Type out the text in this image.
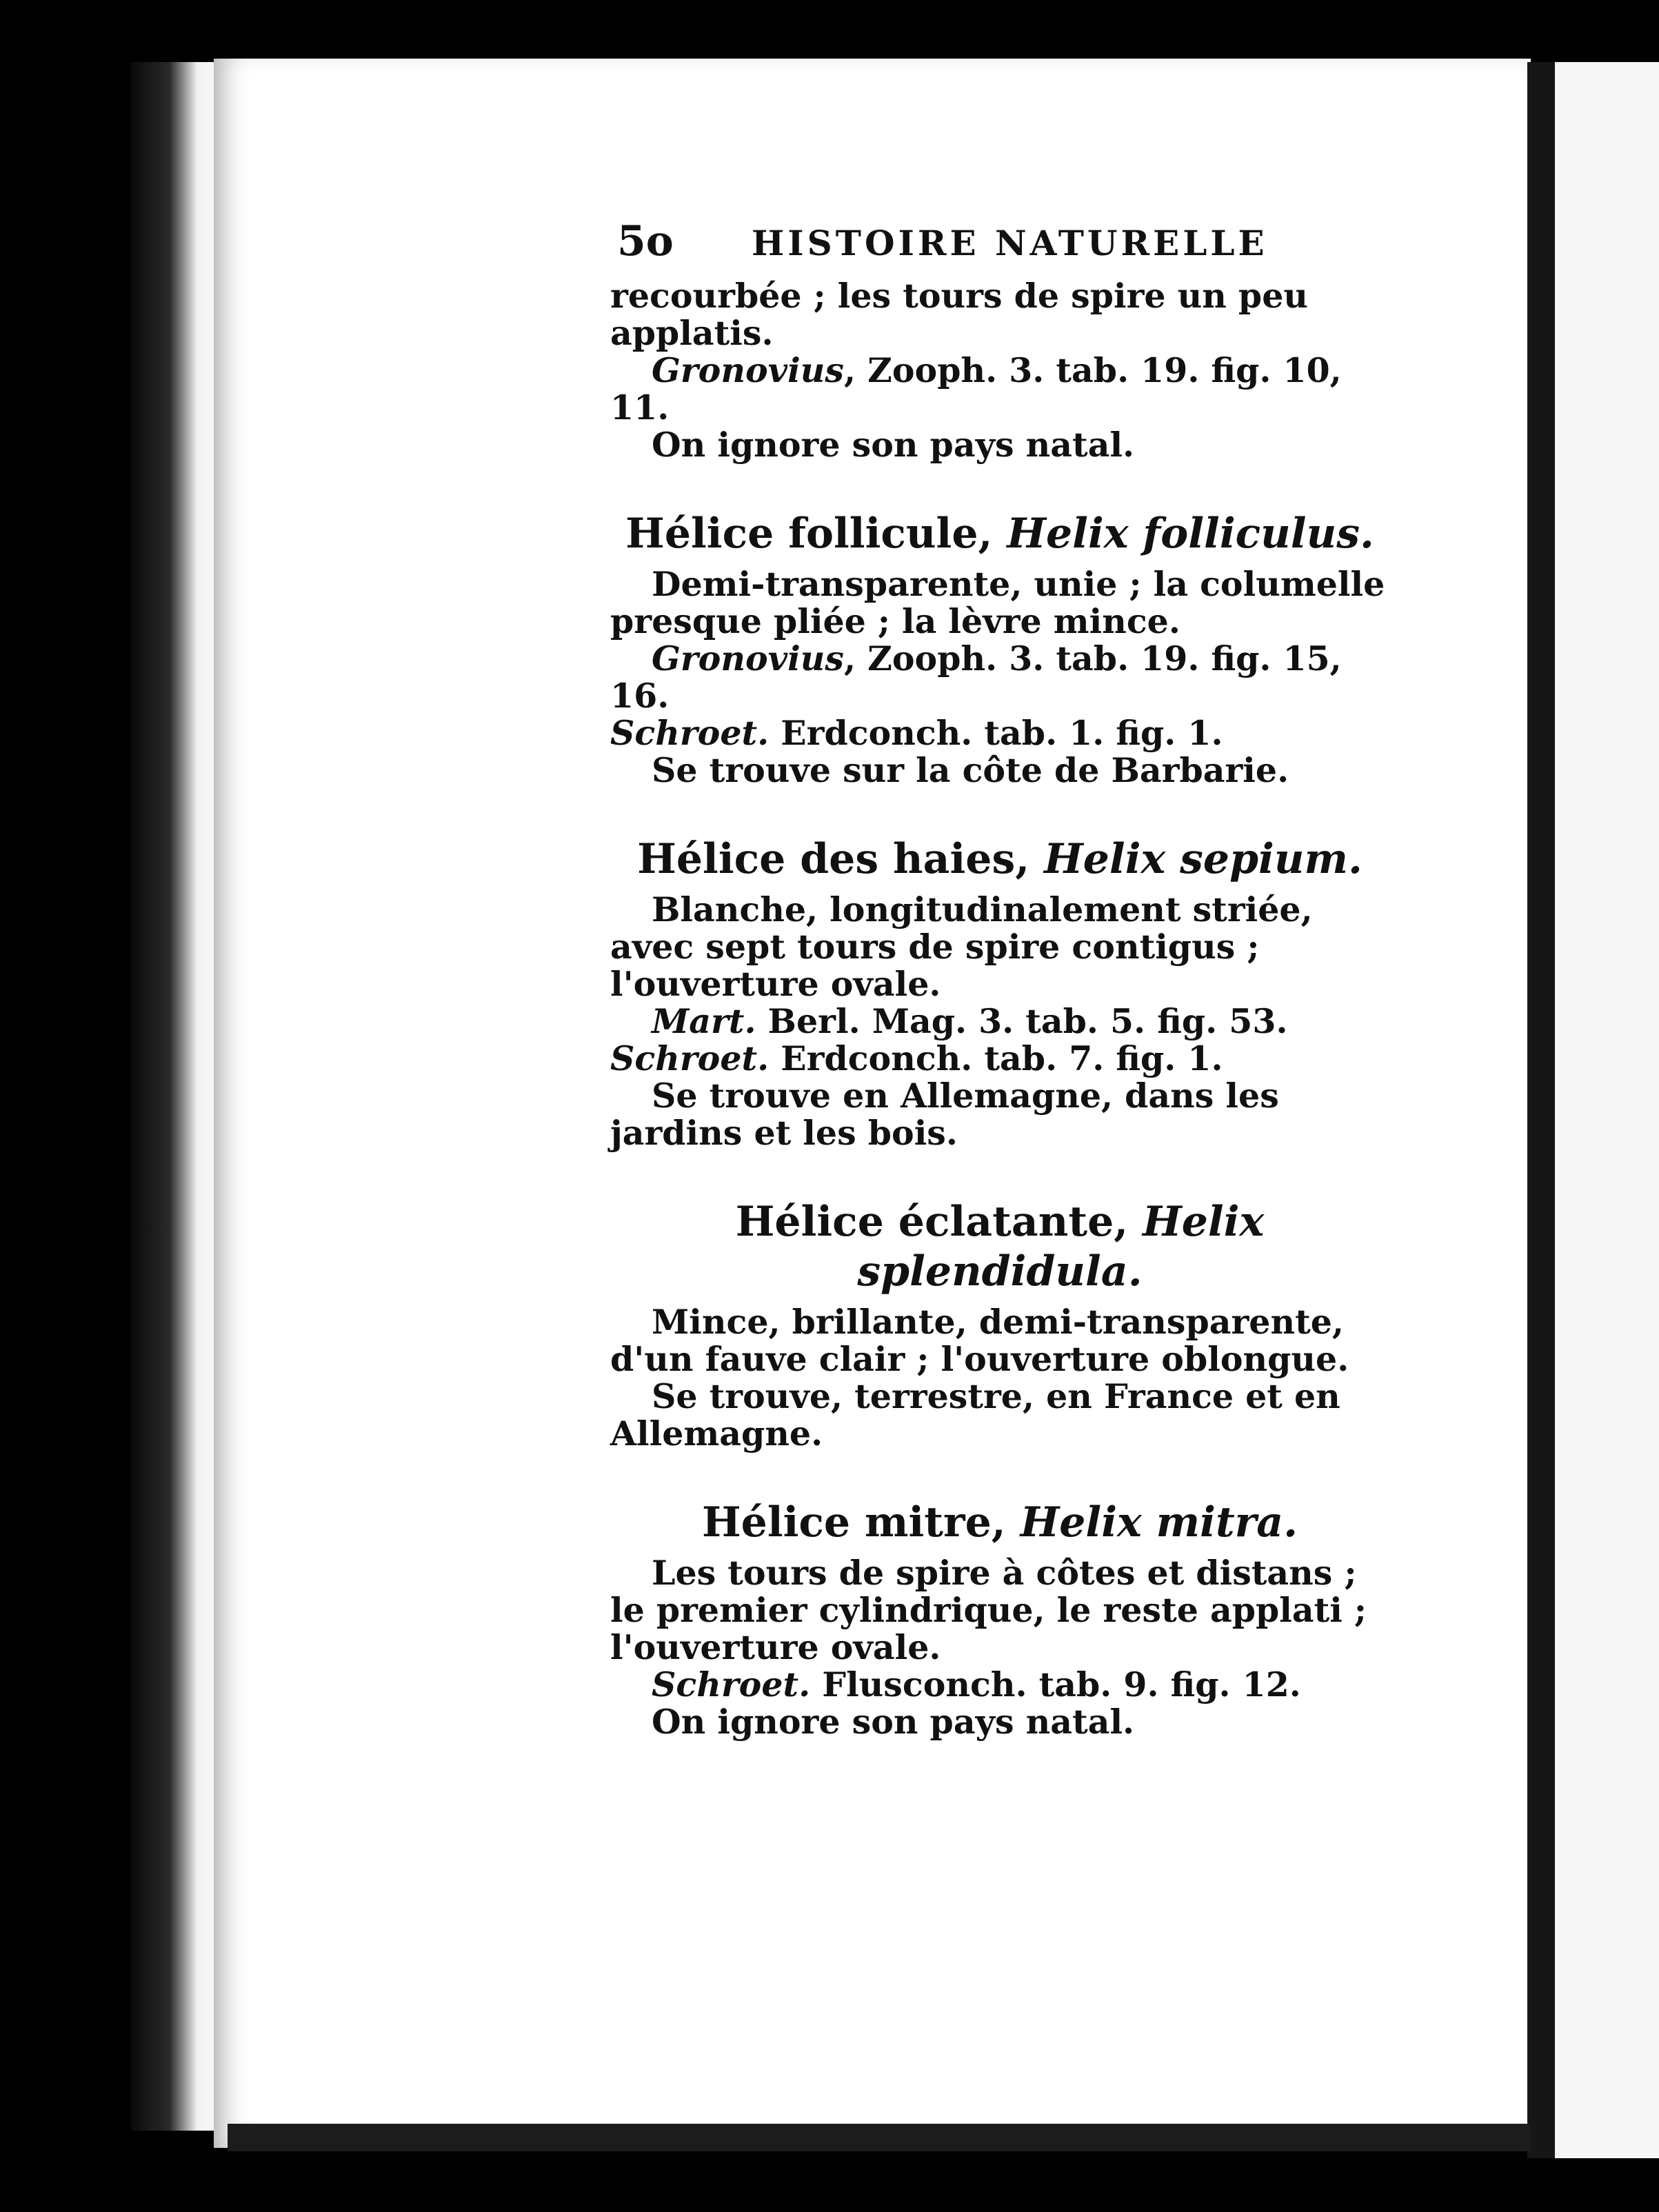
5o HISTOIRE NATURELLE

recourbée ; les tours de spire un peu applatis.

Gronovius, Zooph. 3. tab. 19. fig. 10, 11.

On ignore son pays natal.

Hélice follicule, Helix folliculus.

Demi-transparente, unie ; la columelle presque pliée ; la lèvre mince.

Gronovius, Zooph. 3. tab. 19. fig. 15, 16.

Schroet. Erdconch. tab. 1. fig. 1.

Se trouve sur la côte de Barbarie.

Hélice des haies, Helix sepium.

Blanche, longitudinalement striée, avec sept tours de spire contigus ; l'ouverture ovale.

Mart. Berl. Mag. 3. tab. 5. fig. 53. Schroet. Erdconch. tab. 7. fig. 1.

Se trouve en Allemagne, dans les jardins et les bois.

Hélice éclatante, Helix splendidula.

Mince, brillante, demi-transparente, d'un fauve clair ; l'ouverture oblongue.

Se trouve, terrestre, en France et en Allemagne.

Hélice mitre, Helix mitra.

Les tours de spire à côtes et distans ; le premier cylindrique, le reste applati ; l'ouverture ovale.

Schroet. Flusconch. tab. 9. fig. 12.

On ignore son pays natal.
